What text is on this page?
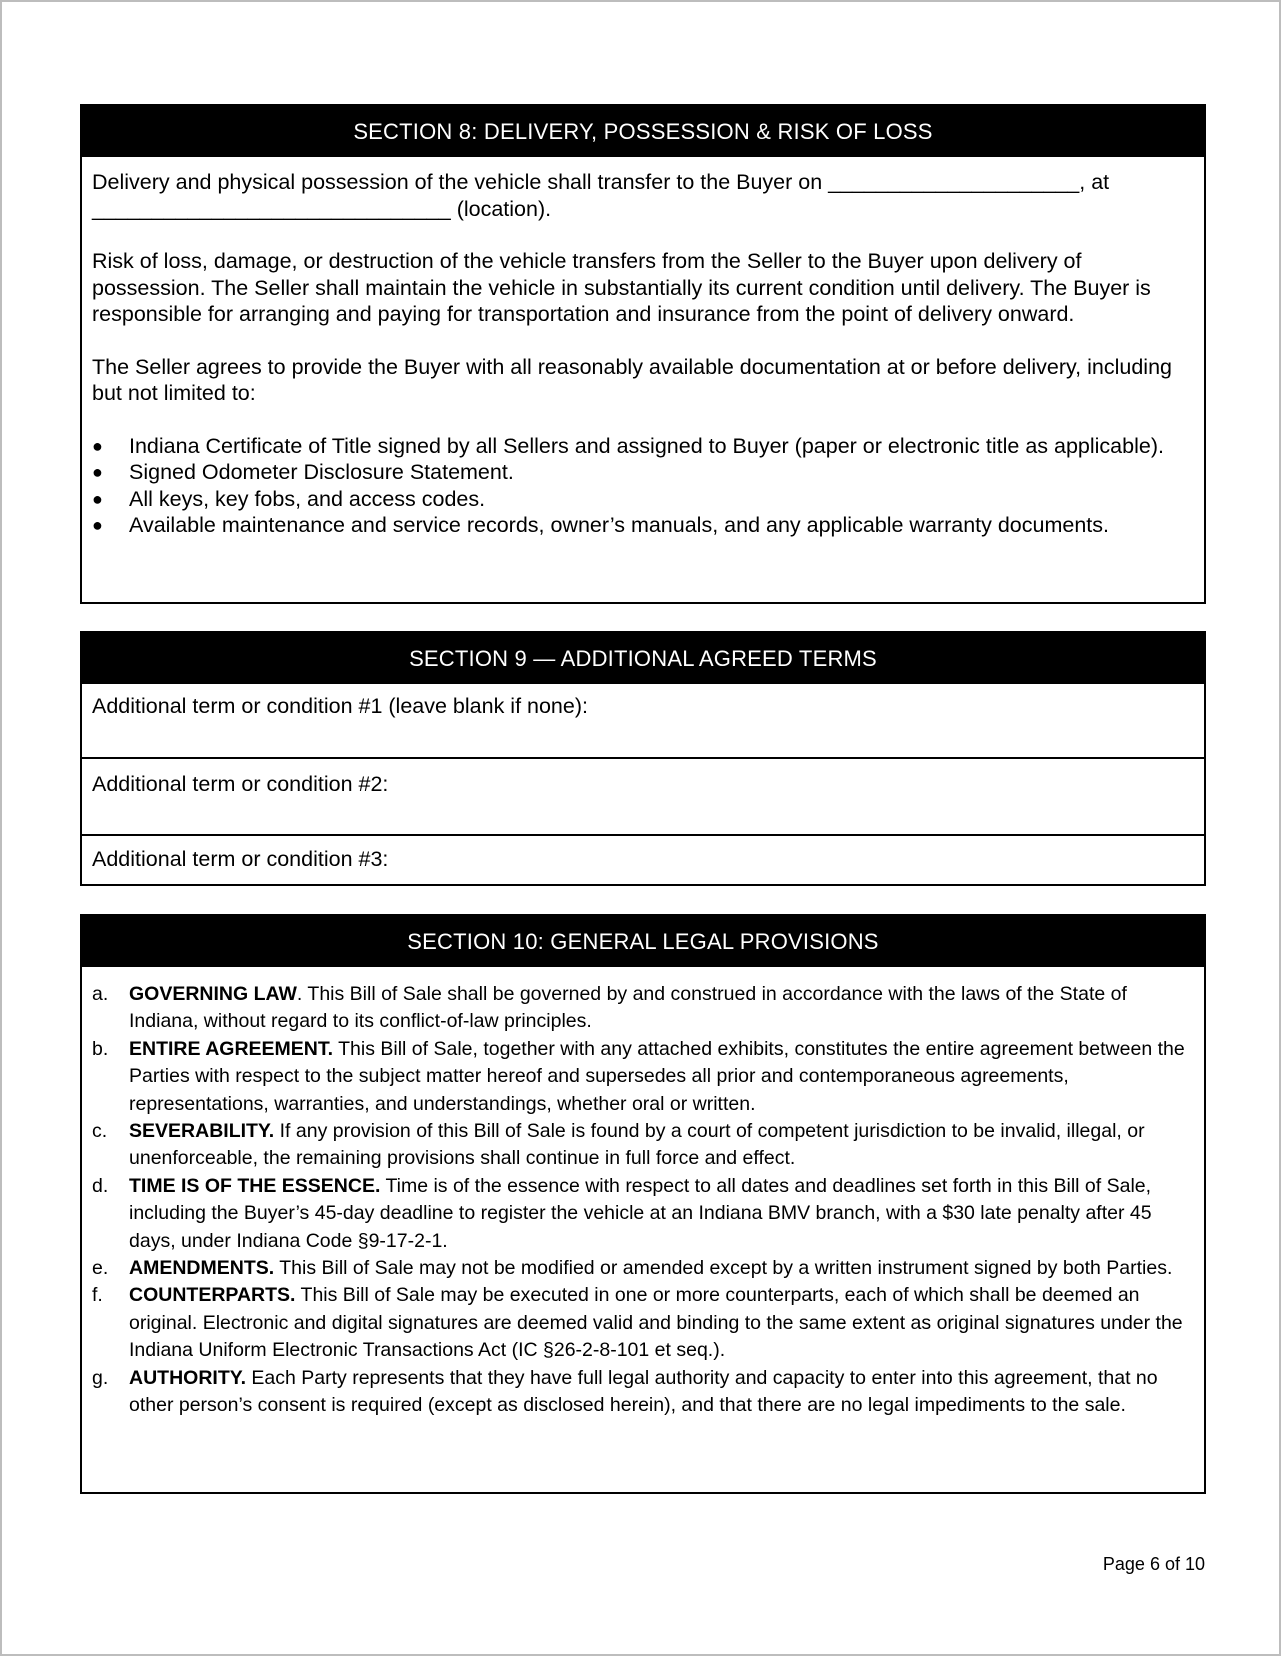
SECTION 8: DELIVERY, POSSESSION & RISK OF LOSS

Delivery and physical possession of the vehicle shall transfer to the Buyer on _____________________, at ______________________________ (location).

Risk of loss, damage, or destruction of the vehicle transfers from the Seller to the Buyer upon delivery of possession. The Seller shall maintain the vehicle in substantially its current condition until delivery. The Buyer is responsible for arranging and paying for transportation and insurance from the point of delivery onward.

The Seller agrees to provide the Buyer with all reasonably available documentation at or before delivery, including but not limited to:

● Indiana Certificate of Title signed by all Sellers and assigned to Buyer (paper or electronic title as applicable).
● Signed Odometer Disclosure Statement.
● All keys, key fobs, and access codes.
● Available maintenance and service records, owner’s manuals, and any applicable warranty documents.
SECTION 9 — ADDITIONAL AGREED TERMS
Additional term or condition #1 (leave blank if none):
Additional term or condition #2:
Additional term or condition #3:
SECTION 10: GENERAL LEGAL PROVISIONS
a. GOVERNING LAW. This Bill of Sale shall be governed by and construed in accordance with the laws of the State of Indiana, without regard to its conflict-of-law principles.
b. ENTIRE AGREEMENT. This Bill of Sale, together with any attached exhibits, constitutes the entire agreement between the Parties with respect to the subject matter hereof and supersedes all prior and contemporaneous agreements, representations, warranties, and understandings, whether oral or written.
c. SEVERABILITY. If any provision of this Bill of Sale is found by a court of competent jurisdiction to be invalid, illegal, or unenforceable, the remaining provisions shall continue in full force and effect.
d. TIME IS OF THE ESSENCE. Time is of the essence with respect to all dates and deadlines set forth in this Bill of Sale, including the Buyer’s 45-day deadline to register the vehicle at an Indiana BMV branch, with a $30 late penalty after 45 days, under Indiana Code §9-17-2-1.
e. AMENDMENTS. This Bill of Sale may not be modified or amended except by a written instrument signed by both Parties.
f. COUNTERPARTS. This Bill of Sale may be executed in one or more counterparts, each of which shall be deemed an original. Electronic and digital signatures are deemed valid and binding to the same extent as original signatures under the Indiana Uniform Electronic Transactions Act (IC §26-2-8-101 et seq.).
g. AUTHORITY. Each Party represents that they have full legal authority and capacity to enter into this agreement, that no other person’s consent is required (except as disclosed herein), and that there are no legal impediments to the sale.
Page 6 of 10
